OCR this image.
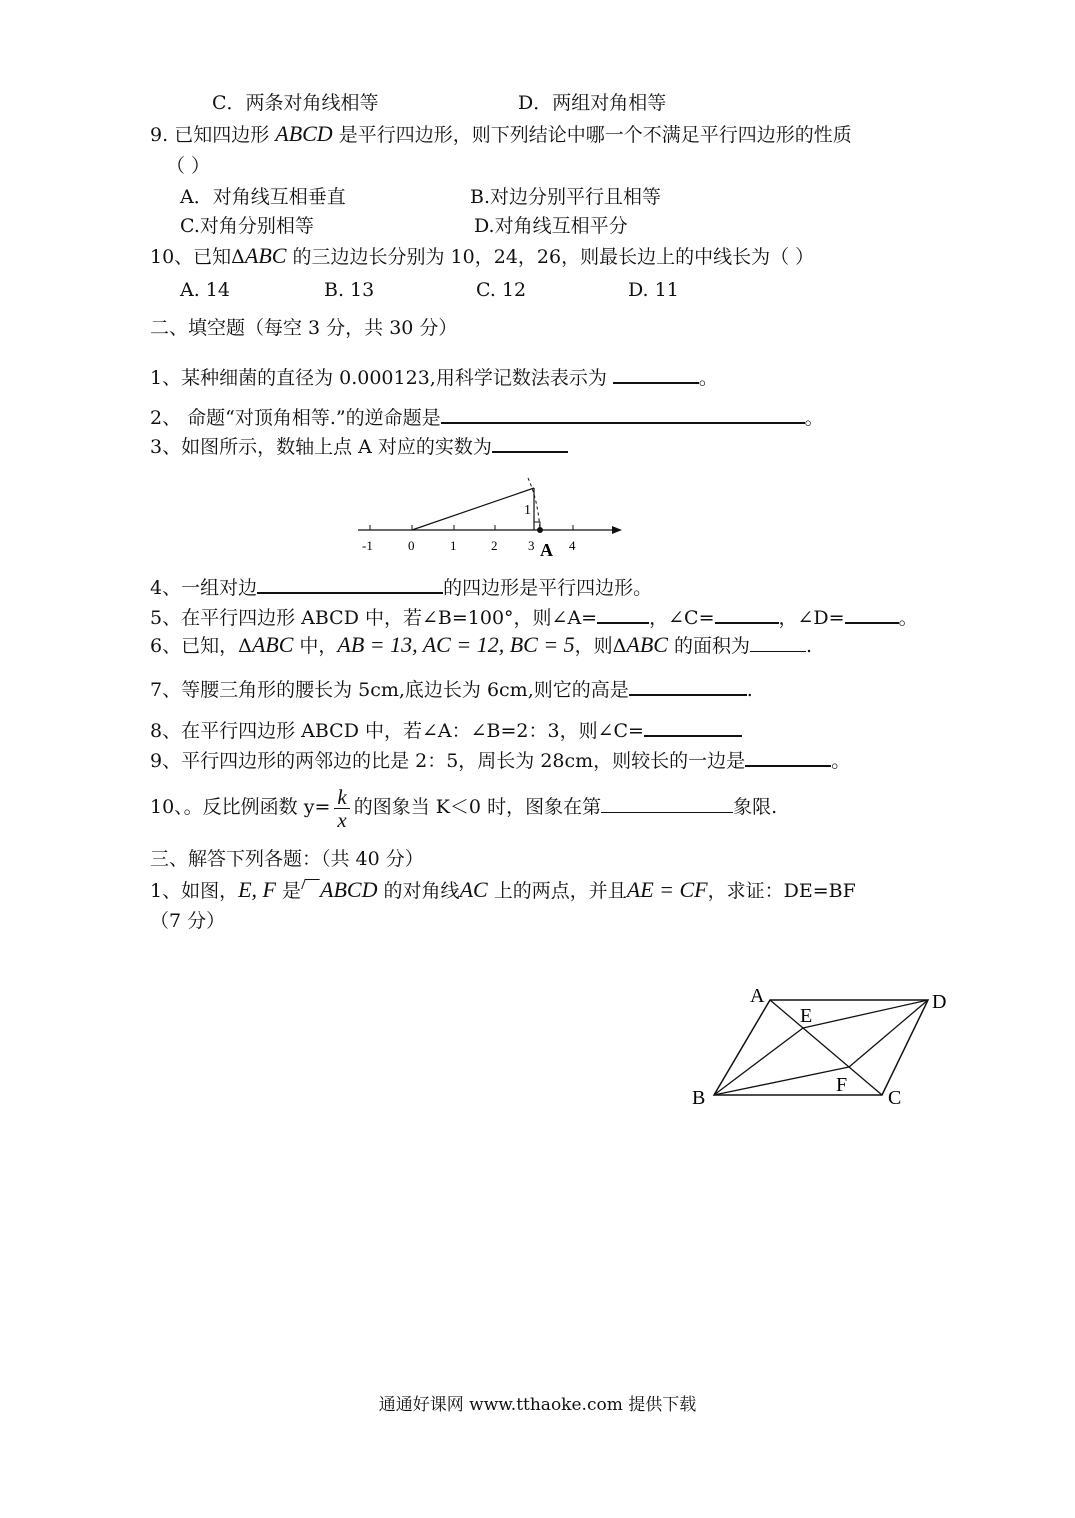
C．两条对角线相等	D．两组对角相等
9. 已知四边形 ABCD 是平行四边形，则下列结论中哪一个不满足平行四边形的性质
（ ）
A．对角线互相垂直	B.对边分别平行且相等
C.对角分别相等	D.对角线互相平分
10、已知ΔABC 的三边边长分别为 10，24，26，则最长边上的中线长为（ ）
A. 14	B. 13	C. 12	D. 11
二、填空题（每空 3 分，共 30 分）
1、某种细菌的直径为 0.000123,用科学记数法表示为	。
2、 命题“对顶角相等.”的逆命题是	。
3、如图所示，数轴上点 A 对应的实数为
-1	0	1	2 3	4
1
A
4、一组对边	的四边形是平行四边形。
5、在平行四边形 ABCD 中，若∠B=100°，则∠A=	，∠C=	，∠D=	。
6、已知，ΔABC 中，AB = 13, AC = 12, BC = 5，则ΔABC 的面积为	.
7、等腰三角形的腰长为 5cm,底边长为 6cm,则它的高是	.
8、在平行四边形 ABCD 中，若∠A：∠B=2：3，则∠C=
9、平行四边形的两邻边的比是 2：5，周长为 28cm，则较长的一边是	。
10、。反比例函数 $y= \frac{k}{x}$ 的图象当 K＜0 时，图象在第	象限.
三、解答下列各题：（共 40 分）
1、如图，E, F 是 ABCD 的对角线AC 上的两点，并且AE = CF，求证：DE=BF
（7 分）
A	D
E
F
B	C
通通好课网 www.tthaoke.com 提供下载
